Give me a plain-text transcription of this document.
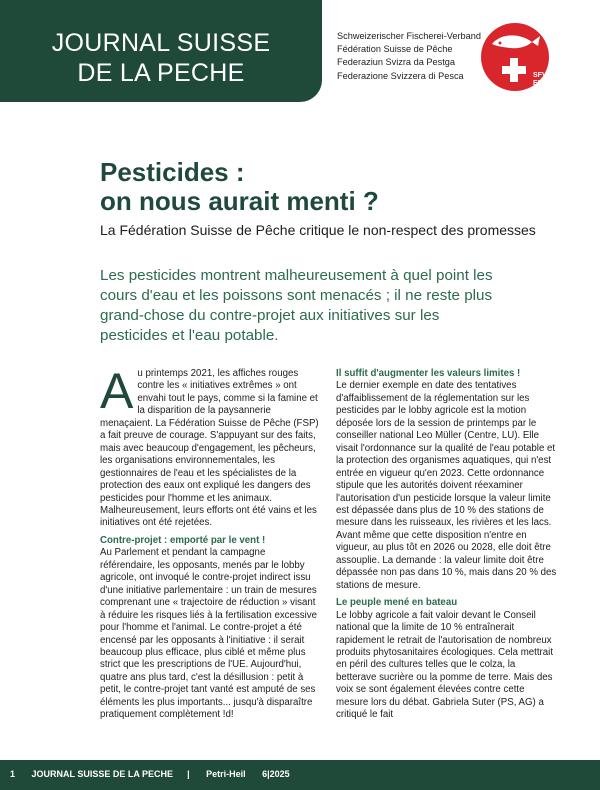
JOURNAL SUISSE
DE LA PECHE
Schweizerischer Fischerei-Verband
Fédération Suisse de Pêche
Federaziun Svizra da Pestga
Federazione Svizzera di Pesca	SFV
FSP
Pesticides :
on nous aurait menti ?

La Fédération Suisse de Pêche critique le non-respect des promesses

Les pesticides montrent malheureusement à quel point les cours d'eau et les poissons sont menacés ; il ne reste plus grand-chose du contre-projet aux initiatives sur les pesticides et l'eau potable.

Au printemps 2021, les affiches rouges contre les « initiatives extrêmes » ont envahi tout le pays, comme si la famine et la disparition de la paysannerie menaçaient. La Fédération Suisse de Pêche (FSP) a fait preuve de courage. S'appuyant sur des faits, mais avec beaucoup d'engagement, les pêcheurs, les organisations environnementales, les gestionnaires de l'eau et les spécialistes de la protection des eaux ont expliqué les dangers des pesticides pour l'homme et les animaux. Malheureusement, leurs efforts ont été vains et les initiatives ont été rejetées.

Contre-projet : emporté par le vent !

Au Parlement et pendant la campagne référendaire, les opposants, menés par le lobby agricole, ont invoqué le contre-projet indirect issu d'une initiative parlementaire : un train de mesures comprenant une « trajectoire de réduction » visant à réduire les risques liés à la fertilisation excessive pour l'homme et l'animal. Le contre-projet a été encensé par les opposants à l'initiative : il serait beaucoup plus efficace, plus ciblé et même plus strict que les prescriptions de l'UE. Aujourd'hui, quatre ans plus tard, c'est la désillusion : petit à petit, le contre-projet tant vanté est amputé de ses éléments les plus importants... jusqu'à disparaître pratiquement complètement !d!

Il suffit d'augmenter les valeurs limites !

Le dernier exemple en date des tentatives d'affaiblissement de la réglementation sur les pesticides par le lobby agricole est la motion déposée lors de la session de printemps par le conseiller national Leo Müller (Centre, LU). Elle visait l'ordonnance sur la qualité de l'eau potable et la protection des organismes aquatiques, qui n'est entrée en vigueur qu'en 2023. Cette ordonnance stipule que les autorités doivent réexaminer l'autorisation d'un pesticide lorsque la valeur limite est dépassée dans plus de 10 % des stations de mesure dans les ruisseaux, les rivières et les lacs. Avant même que cette disposition n'entre en vigueur, au plus tôt en 2026 ou 2028, elle doit être assouplie. La demande : la valeur limite doit être dépassée non pas dans 10 %, mais dans 20 % des stations de mesure.

Le peuple mené en bateau

Le lobby agricole a fait valoir devant le Conseil national que la limite de 10 % entraînerait rapidement le retrait de l'autorisation de nombreux produits phytosanitaires écologiques. Cela mettrait en péril des cultures telles que le colza, la betterave sucrière ou la pomme de terre. Mais des voix se sont également élevées contre cette mesure lors du débat. Gabriela Suter (PS, AG) a critiqué le fait

1 JOURNAL SUISSE DE LA PECHE | Petri-Heil 6|2025
